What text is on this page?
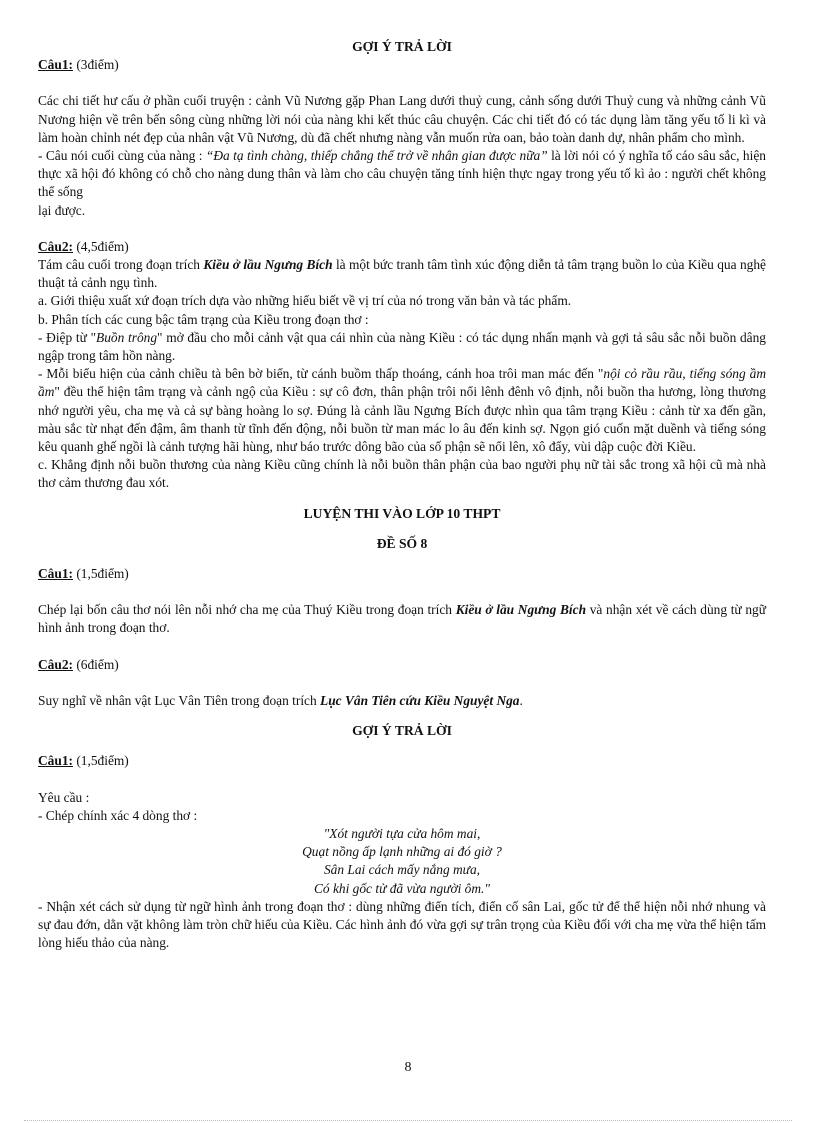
GỢI Ý TRẢ LỜI

Câu1: (3điểm)

Các chi tiết hư cấu ở phần cuối truyện : cảnh Vũ Nương gặp Phan Lang dưới thuỷ cung, cảnh sống dưới Thuỷ cung và những cảnh Vũ Nương hiện về trên bến sông cùng những lời nói của nàng khi kết thúc câu chuyện. Các chi tiết đó có tác dụng làm tăng yếu tố li kì và làm hoàn chỉnh nét đẹp của nhân vật Vũ Nương, dù đã chết nhưng nàng vẫn muốn rửa oan, bảo toàn danh dự, nhân phẩm cho mình.

- Câu nói cuối cùng của nàng : “Đa tạ tình chàng, thiếp chẳng thể trở về nhân gian được nữa” là lời nói có ý nghĩa tố cáo sâu sắc, hiện thực xã hội đó không có chỗ cho nàng dung thân và làm cho câu chuyện tăng tính hiện thực ngay trong yếu tố kì ảo : người chết không thể sống

lại được.

Câu2: (4,5điểm)

Tám câu cuối trong đoạn trích Kiều ở lầu Ngưng Bích là một bức tranh tâm tình xúc động diễn tả tâm trạng buồn lo của Kiều qua nghệ thuật tả cảnh ngụ tình.

a. Giới thiệu xuất xứ đoạn trích dựa vào những hiểu biết về vị trí của nó trong văn bản và tác phẩm.

b. Phân tích các cung bậc tâm trạng của Kiều trong đoạn thơ :

- Điệp từ "Buồn trông" mở đầu cho mỗi cảnh vật qua cái nhìn của nàng Kiều : có tác dụng nhấn mạnh và gợi tả sâu sắc nỗi buồn dâng ngập trong tâm hồn nàng.

- Mỗi biểu hiện của cảnh chiều tà bên bờ biển, từ cánh buồm thấp thoáng, cánh hoa trôi man mác đến "nội cỏ rầu rầu, tiếng sóng ầm ầm" đều thể hiện tâm trạng và cảnh ngộ của Kiều : sự cô đơn, thân phận trôi nổi lênh đênh vô định, nỗi buồn tha hương, lòng thương nhớ người yêu, cha mẹ và cả sự bàng hoàng lo sợ. Đúng là cảnh lầu Ngưng Bích được nhìn qua tâm trạng Kiều : cảnh từ xa đến gần, màu sắc từ nhạt đến đậm, âm thanh từ tĩnh đến động, nỗi buồn từ man mác lo âu đến kinh sợ. Ngọn gió cuốn mặt duềnh và tiếng sóng kêu quanh ghế ngồi là cảnh tượng hãi hùng, như báo trước dông bão của số phận sẽ nổi lên, xô đẩy, vùi dập cuộc đời Kiều.

c. Khẳng định nỗi buồn thương của nàng Kiều cũng chính là nỗi buồn thân phận của bao người phụ nữ tài sắc trong xã hội cũ mà nhà thơ cảm thương đau xót.

LUYỆN THI VÀO LỚP 10 THPT

ĐỀ SỐ 8

Câu1: (1,5điểm)

Chép lại bốn câu thơ nói lên nỗi nhớ cha mẹ của Thuý Kiều trong đoạn trích Kiều ở lầu Ngưng Bích và nhận xét về cách dùng từ ngữ hình ảnh trong đoạn thơ.

Câu2: (6điểm)

Suy nghĩ về nhân vật Lục Vân Tiên trong đoạn trích Lục Vân Tiên cứu Kiều Nguyệt Nga.

GỢI Ý TRẢ LỜI

Câu1: (1,5điểm)

Yêu cầu :

- Chép chính xác 4 dòng thơ :

"Xót người tựa cửa hôm mai,

Quạt nồng ấp lạnh những ai đó giờ ?

Sân Lai cách mấy nắng mưa,

Có khi gốc tử đã vừa người ôm."

- Nhận xét cách sử dụng từ ngữ hình ảnh trong đoạn thơ : dùng những điển tích, điển cố sân Lai, gốc tử để thể hiện nỗi nhớ nhung và sự đau đớn, dằn vặt không làm tròn chữ hiếu của Kiều. Các hình ảnh đó vừa gợi sự trân trọng của Kiều đối với cha mẹ vừa thể hiện tấm lòng hiếu thảo của nàng.

8
